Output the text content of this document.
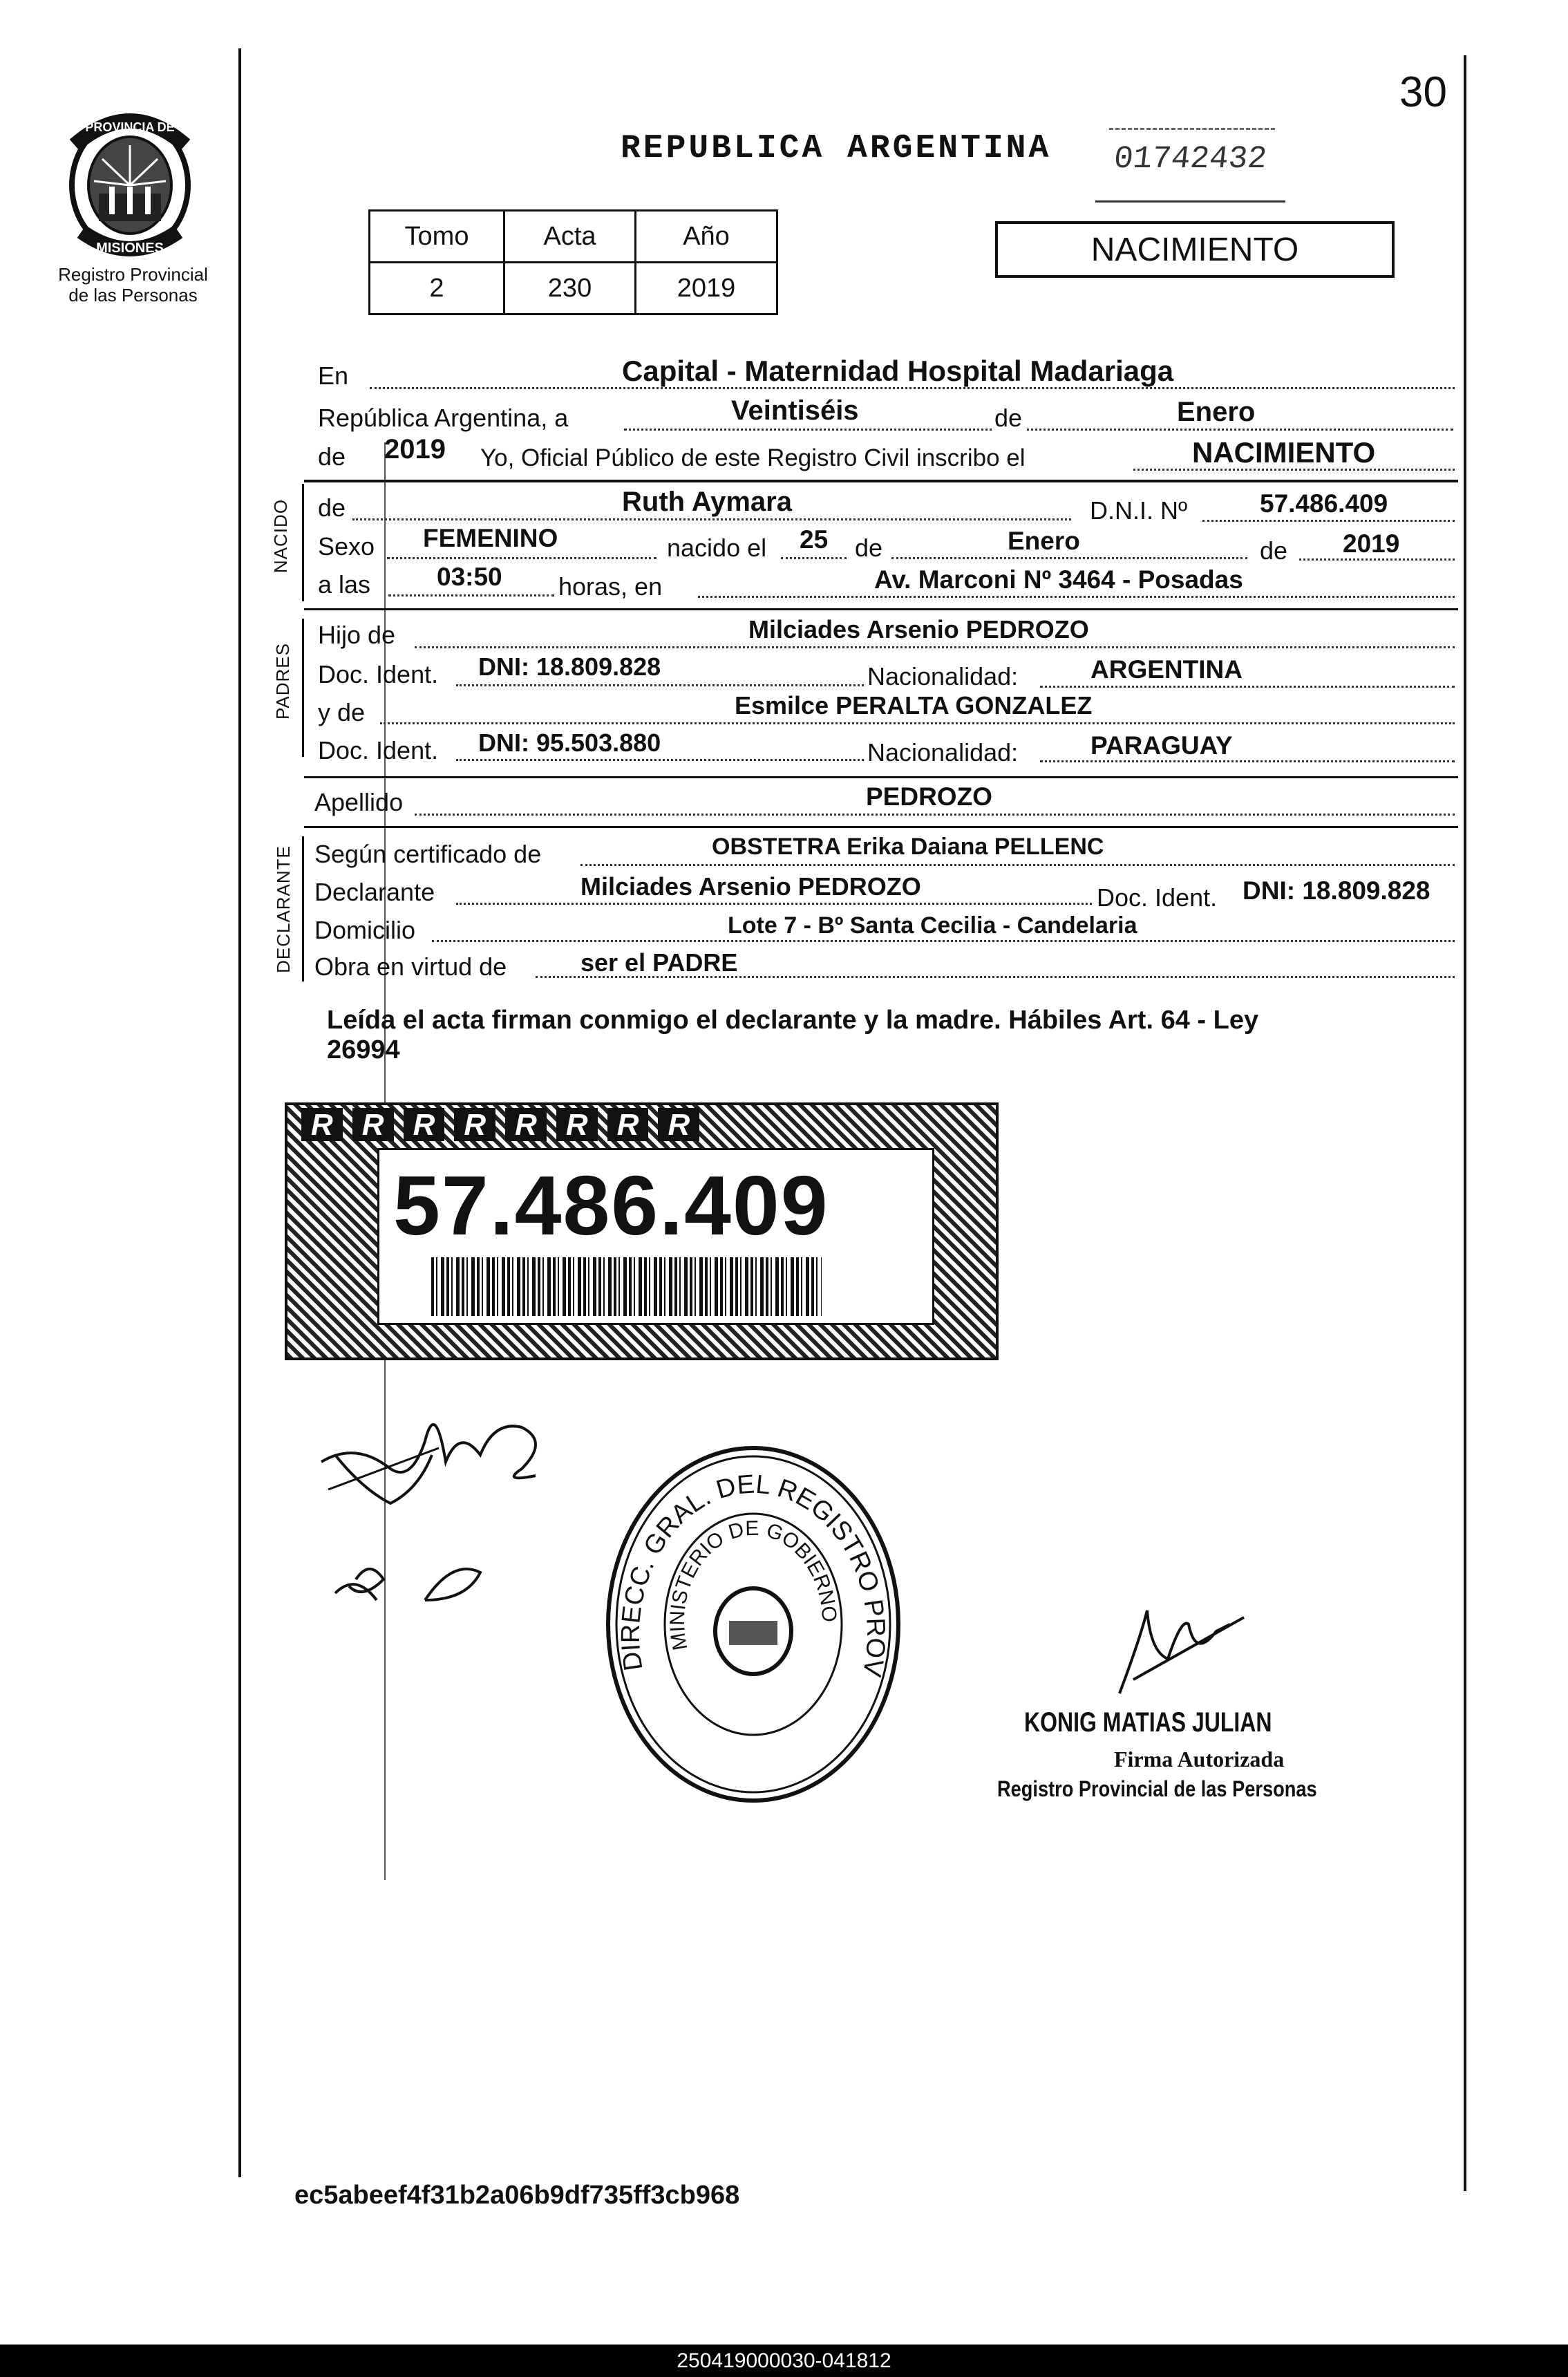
30
PROVINCIA DE
MISIONES
Registro Provincial
de las Personas
REPUBLICA ARGENTINA 01742432
NACIMIENTO
Tomo	Acta	Año
2	230	2019
En	Capital - Maternidad Hospital Madariaga
República Argentina, a	Veintiséis	de	Enero
de 2019 Yo, Oficial Público de este Registro Civil inscribo el	NACIMIENTO
NACIDO de	Ruth Aymara	D.N.I. Nº	57.486.409
Sexo FEMENINO	nacido el 25 de	Enero	de 2019
a las	03:50 horas, en	Av. Marconi Nº 3464 - Posadas
PADRES
Hijo de	Milciades Arsenio PEDROZO
Doc. Ident. DNI: 18.809.828	Nacionalidad:	ARGENTINA
y de	Esmilce PERALTA GONZALEZ
Doc. Ident. DNI: 95.503.880	Nacionalidad:	PARAGUAY
Apellido	PEDROZO
DECLARANTE Según certificado de	OBSTETRA Erika Daiana PELLENC
Declarante	Milciades Arsenio PEDROZO	Doc. Ident. DNI: 18.809.828
Domicilio	Lote 7 - Bº Santa Cecilia - Candelaria
Obra en virtud de	ser el PADRE
Leída el acta firman conmigo el declarante y la madre. Hábiles Art. 64 - Ley
26994
R R R R R R R R
57.486.409
DIRECC. GRAL. DEL REGISTRO PROV
MINISTERIO DE GOBIERNO
KONIG MATIAS JULIAN
Firma Autorizada
Registro Provincial de las Personas
ec5abeef4f31b2a06b9df735ff3cb968
250419000030-041812
